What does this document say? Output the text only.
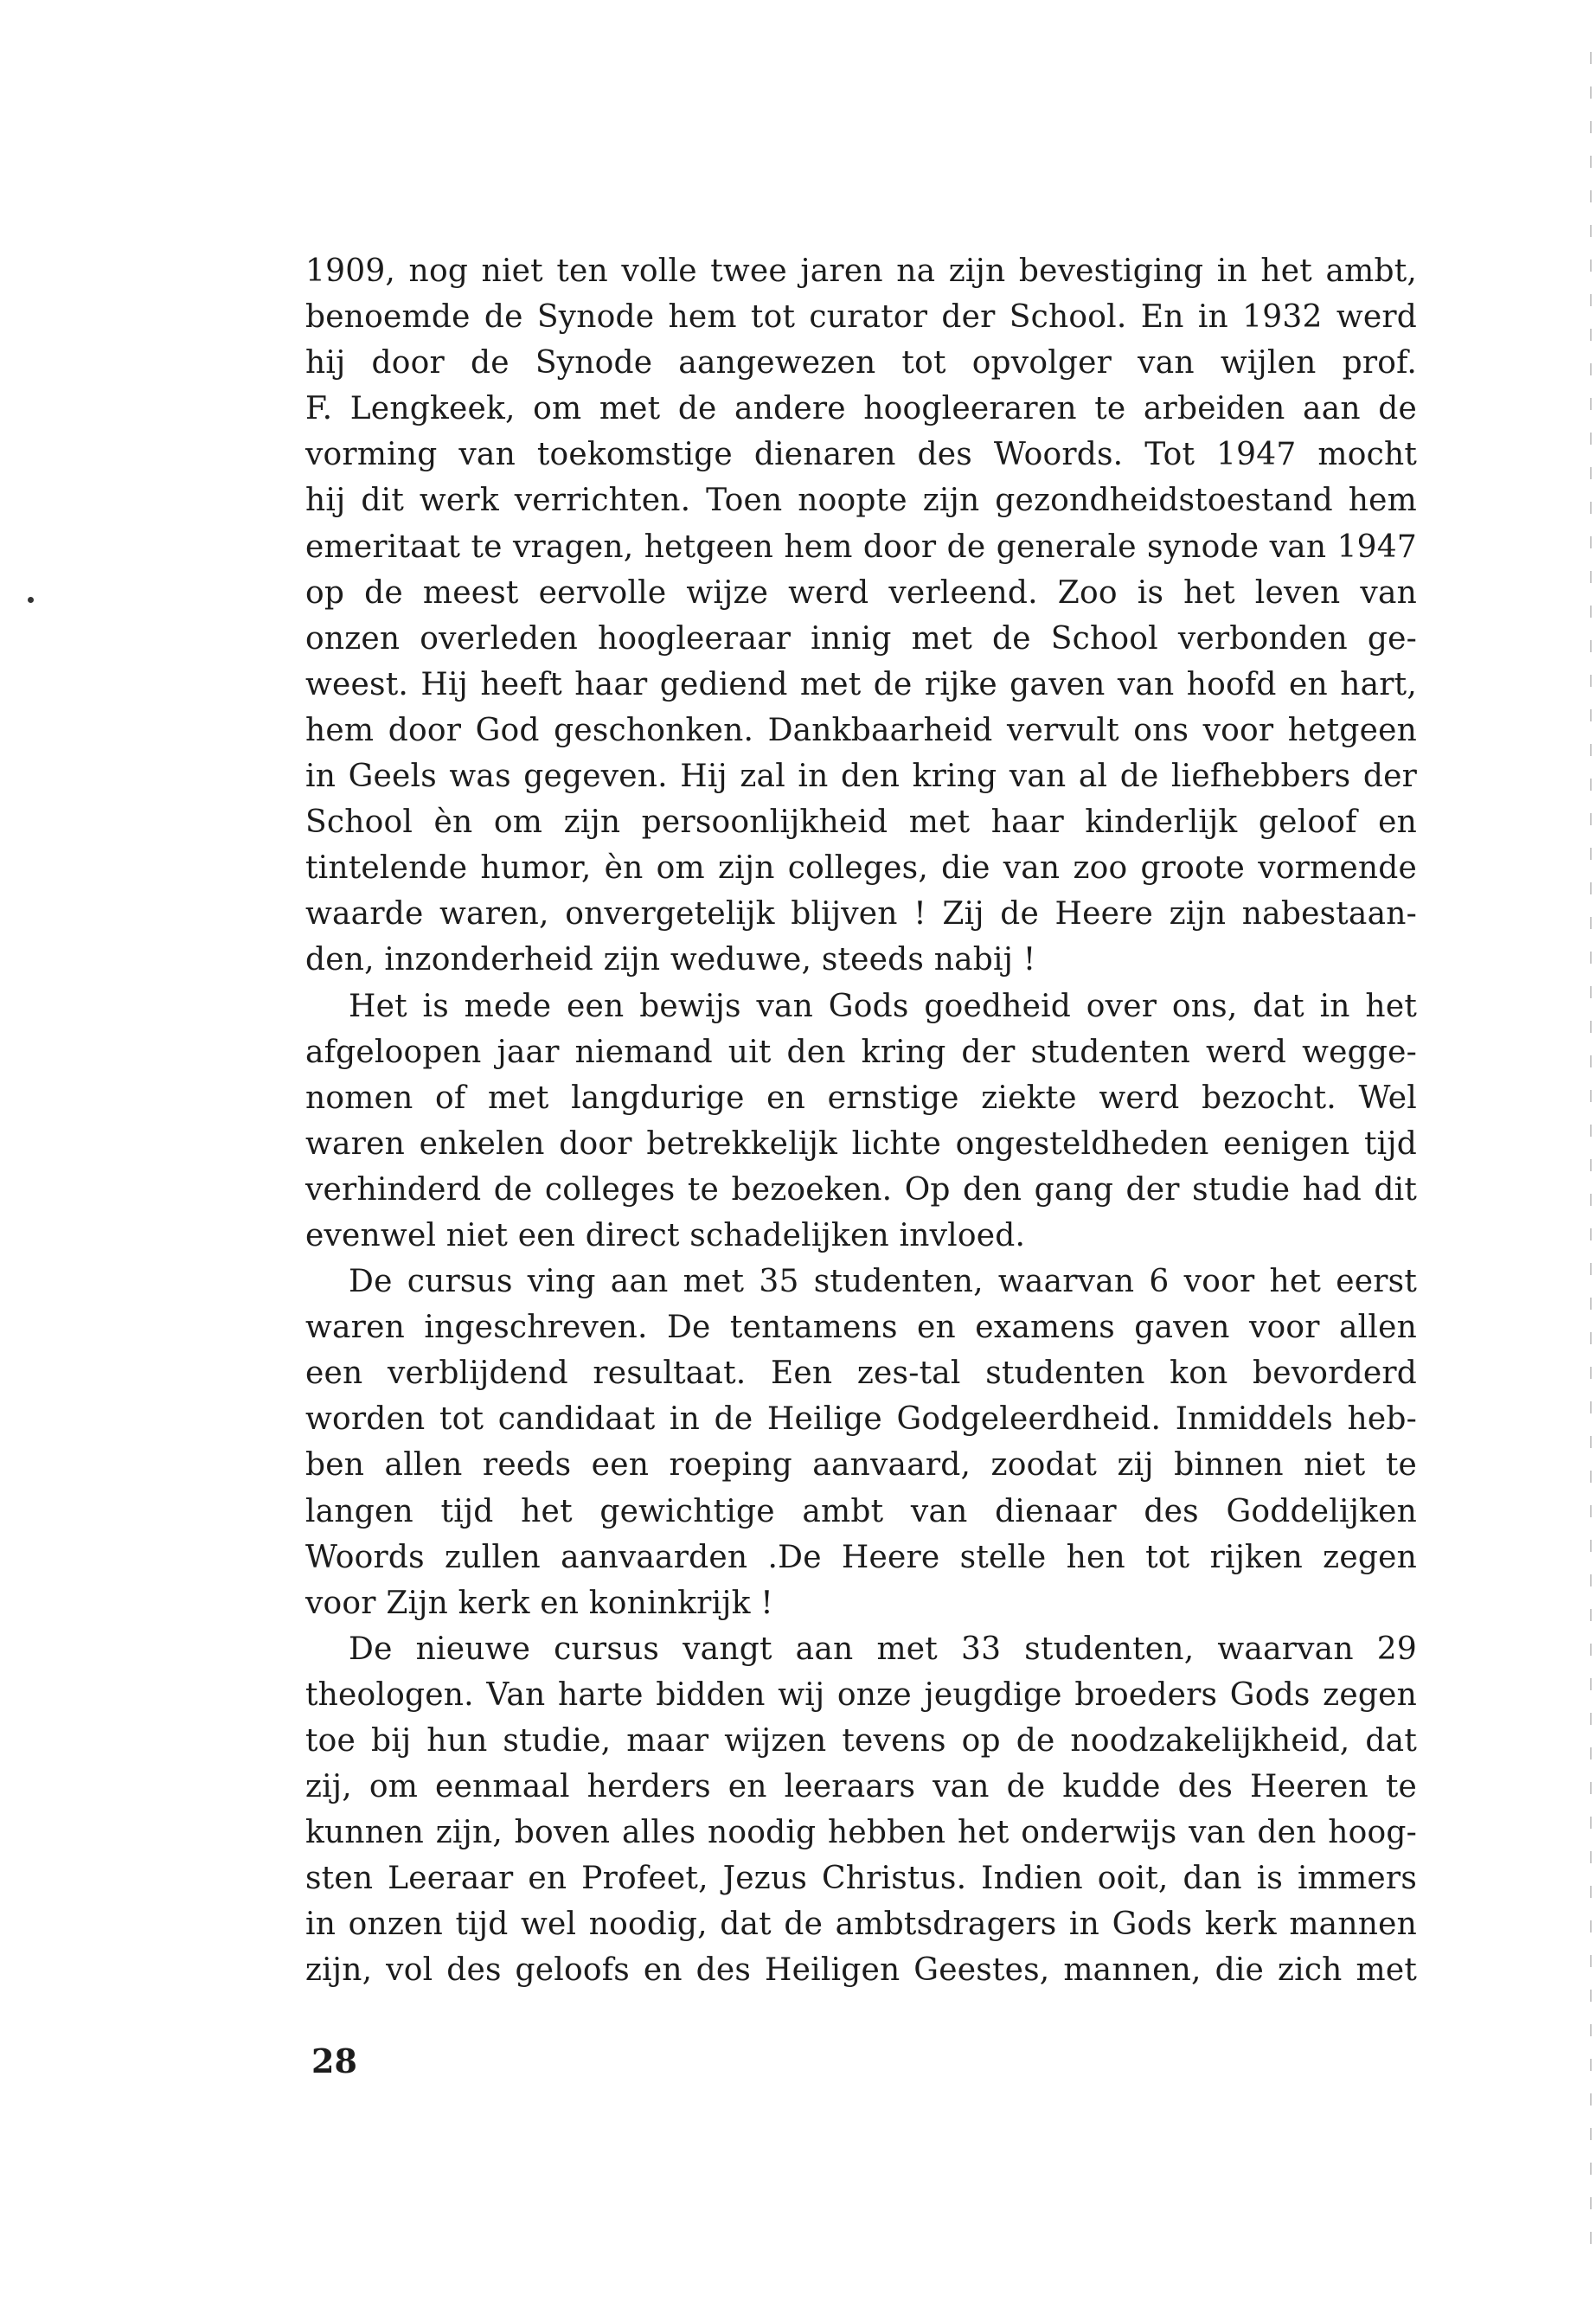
1909, nog niet ten volle twee jaren na zijn bevestiging in het ambt,
benoemde de Synode hem tot curator der School. En in 1932 werd
hij door de Synode aangewezen tot opvolger van wijlen prof.
F. Lengkeek, om met de andere hoogleeraren te arbeiden aan de
vorming van toekomstige dienaren des Woords. Tot 1947 mocht
hij dit werk verrichten. Toen noopte zijn gezondheidstoestand hem
emeritaat te vragen, hetgeen hem door de generale synode van 1947
op de meest eervolle wijze werd verleend. Zoo is het leven van
onzen overleden hoogleeraar innig met de School verbonden ge-
weest. Hij heeft haar gediend met de rijke gaven van hoofd en hart,
hem door God geschonken. Dankbaarheid vervult ons voor hetgeen
in Geels was gegeven. Hij zal in den kring van al de liefhebbers der
School èn om zijn persoonlijkheid met haar kinderlijk geloof en
tintelende humor, èn om zijn colleges, die van zoo groote vormende
waarde waren, onvergetelijk blijven ! Zij de Heere zijn nabestaan-
den, inzonderheid zijn weduwe, steeds nabij !
Het is mede een bewijs van Gods goedheid over ons, dat in het
afgeloopen jaar niemand uit den kring der studenten werd wegge-
nomen of met langdurige en ernstige ziekte werd bezocht. Wel
waren enkelen door betrekkelijk lichte ongesteldheden eenigen tijd
verhinderd de colleges te bezoeken. Op den gang der studie had dit
evenwel niet een direct schadelijken invloed.
De cursus ving aan met 35 studenten, waarvan 6 voor het eerst
waren ingeschreven. De tentamens en examens gaven voor allen
een verblijdend resultaat. Een zes-tal studenten kon bevorderd
worden tot candidaat in de Heilige Godgeleerdheid. Inmiddels heb-
ben allen reeds een roeping aanvaard, zoodat zij binnen niet te
langen tijd het gewichtige ambt van dienaar des Goddelijken
Woords zullen aanvaarden .De Heere stelle hen tot rijken zegen
voor Zijn kerk en koninkrijk !
De nieuwe cursus vangt aan met 33 studenten, waarvan 29
theologen. Van harte bidden wij onze jeugdige broeders Gods zegen
toe bij hun studie, maar wijzen tevens op de noodzakelijkheid, dat
zij, om eenmaal herders en leeraars van de kudde des Heeren te
kunnen zijn, boven alles noodig hebben het onderwijs van den hoog-
sten Leeraar en Profeet, Jezus Christus. Indien ooit, dan is immers
in onzen tijd wel noodig, dat de ambtsdragers in Gods kerk mannen
zijn, vol des geloofs en des Heiligen Geestes, mannen, die zich met
28
